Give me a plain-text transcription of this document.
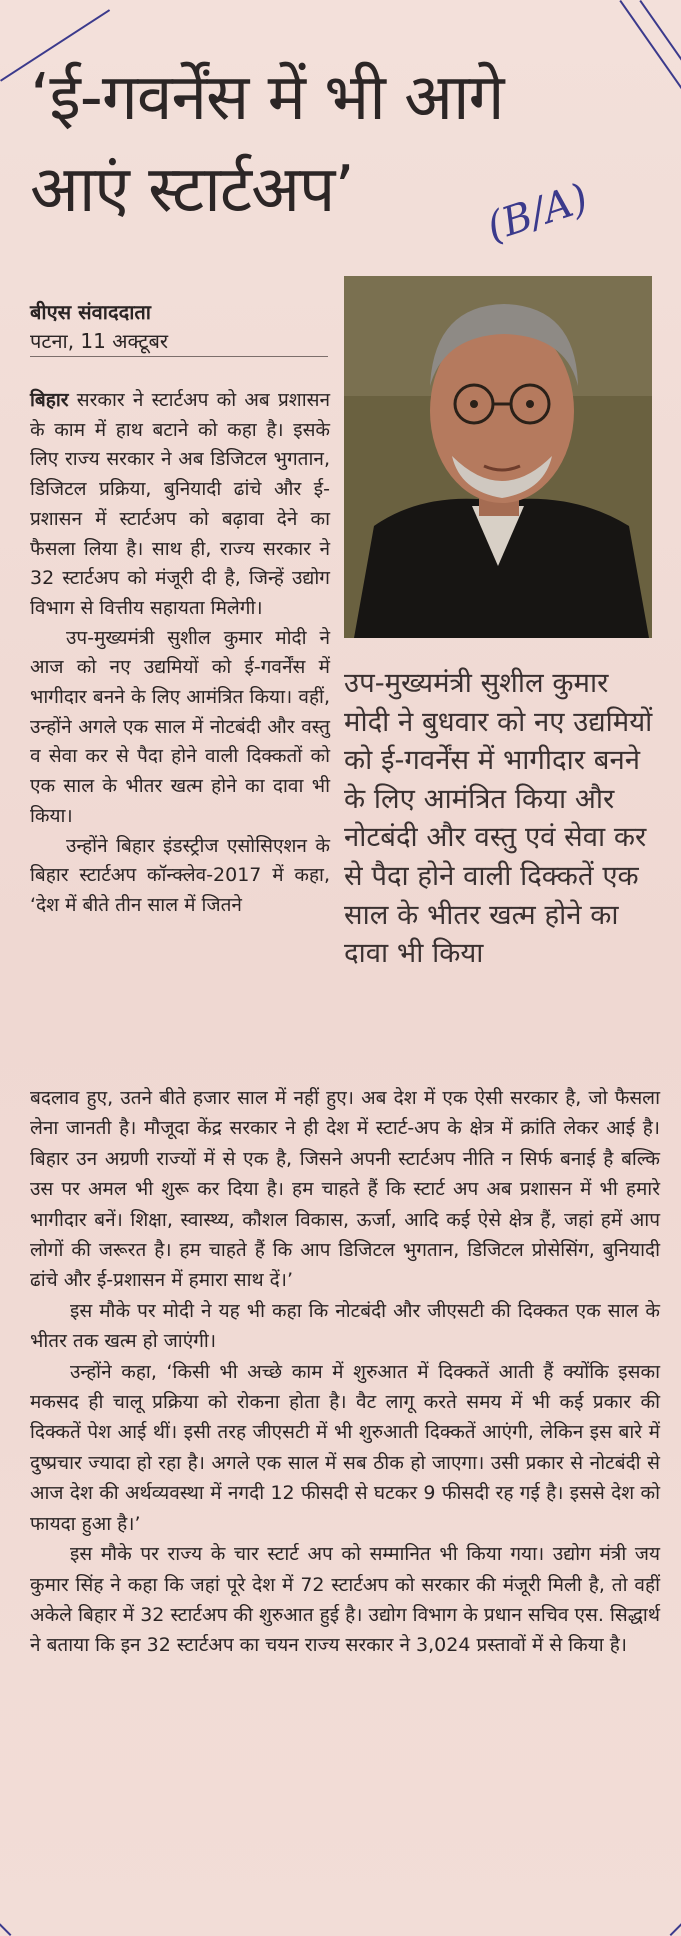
‘ई-गवर्नेंस में भी आगे
आएं स्टार्टअप’	(B/A)
बीएस संवाददाता
पटना, 11 अक्टूबर

बिहार सरकार ने स्टार्टअप को अब प्रशासन के काम में हाथ बटाने को कहा है। इसके लिए राज्य सरकार ने अब डिजिटल भुगतान, डिजिटल प्रक्रिया, बुनियादी ढांचे और ई-प्रशासन में स्टार्टअप को बढ़ावा देने का फैसला लिया है। साथ ही, राज्य सरकार ने 32 स्टार्टअप को मंजूरी दी है, जिन्हें उद्योग विभाग से वित्तीय सहायता मिलेगी।

उप-मुख्यमंत्री सुशील कुमार मोदी ने आज को नए उद्यमियों को ई-गवर्नेंस में भागीदार बनने के लिए आमंत्रित किया। वहीं, उन्होंने अगले एक साल में नोटबंदी और वस्तु व सेवा कर से पैदा होने वाली दिक्कतों को एक साल के भीतर खत्म होने का दावा भी किया।

उन्होंने बिहार इंडस्ट्रीज एसोसिएशन के बिहार स्टार्टअप कॉन्क्लेव-2017 में कहा, ‘देश में बीते तीन साल में जितने

उप-मुख्यमंत्री सुशील कुमार मोदी ने बुधवार को नए उद्यमियों को ई-गवर्नेंस में भागीदार बनने के लिए आमंत्रित किया और नोटबंदी और वस्तु एवं सेवा कर से पैदा होने वाली दिक्कतें एक साल के भीतर खत्म होने का दावा भी किया

बदलाव हुए, उतने बीते हजार साल में नहीं हुए। अब देश में एक ऐसी सरकार है, जो फैसला लेना जानती है। मौजूदा केंद्र सरकार ने ही देश में स्टार्ट-अप के क्षेत्र में क्रांति लेकर आई है। बिहार उन अग्रणी राज्यों में से एक है, जिसने अपनी स्टार्टअप नीति न सिर्फ बनाई है बल्कि उस पर अमल भी शुरू कर दिया है। हम चाहते हैं कि स्टार्ट अप अब प्रशासन में भी हमारे भागीदार बनें। शिक्षा, स्वास्थ्य, कौशल विकास, ऊर्जा, आदि कई ऐसे क्षेत्र हैं, जहां हमें आप लोगों की जरूरत है। हम चाहते हैं कि आप डिजिटल भुगतान, डिजिटल प्रोसेसिंग, बुनियादी ढांचे और ई-प्रशासन में हमारा साथ दें।’

इस मौके पर मोदी ने यह भी कहा कि नोटबंदी और जीएसटी की दिक्कत एक साल के भीतर तक खत्म हो जाएंगी।

उन्होंने कहा, ‘किसी भी अच्छे काम में शुरुआत में दिक्कतें आती हैं क्योंकि इसका मकसद ही चालू प्रक्रिया को रोकना होता है। वैट लागू करते समय में भी कई प्रकार की दिक्कतें पेश आई थीं। इसी तरह जीएसटी में भी शुरुआती दिक्कतें आएंगी, लेकिन इस बारे में दुष्प्रचार ज्यादा हो रहा है। अगले एक साल में सब ठीक हो जाएगा। उसी प्रकार से नोटबंदी से आज देश की अर्थव्यवस्था में नगदी 12 फीसदी से घटकर 9 फीसदी रह गई है। इससे देश को फायदा हुआ है।’

इस मौके पर राज्य के चार स्टार्ट अप को सम्मानित भी किया गया। उद्योग मंत्री जय कुमार सिंह ने कहा कि जहां पूरे देश में 72 स्टार्टअप को सरकार की मंजूरी मिली है, तो वहीं अकेले बिहार में 32 स्टार्टअप की शुरुआत हुई है। उद्योग विभाग के प्रधान सचिव एस. सिद्धार्थ ने बताया कि इन 32 स्टार्टअप का चयन राज्य सरकार ने 3,024 प्रस्तावों में से किया है।
